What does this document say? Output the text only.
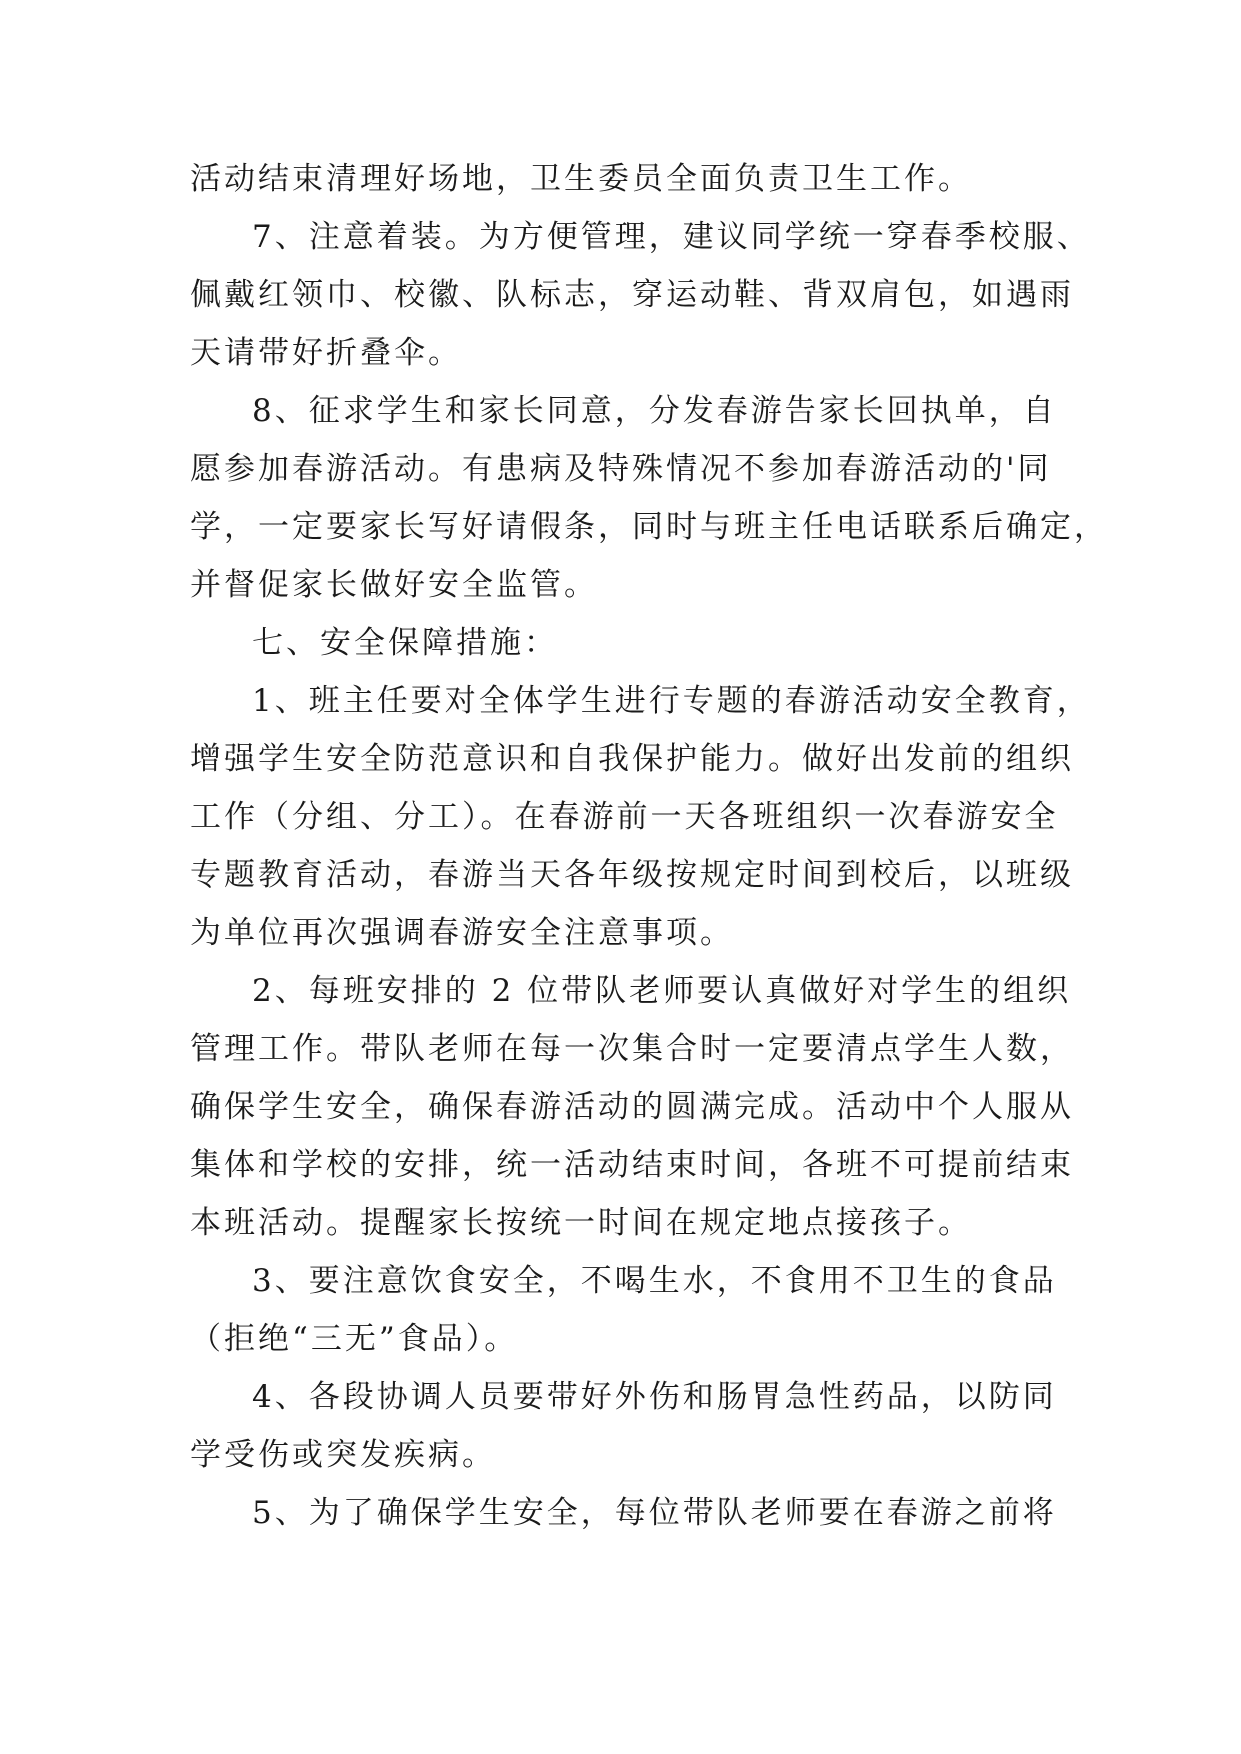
活动结束清理好场地，卫生委员全面负责卫生工作。
7、注意着装。为方便管理，建议同学统一穿春季校服、
佩戴红领巾、校徽、队标志，穿运动鞋、背双肩包，如遇雨
天请带好折叠伞。
8、征求学生和家长同意，分发春游告家长回执单，自
愿参加春游活动。有患病及特殊情况不参加春游活动的'同
学，一定要家长写好请假条，同时与班主任电话联系后确定，
并督促家长做好安全监管。
七、安全保障措施：
1、班主任要对全体学生进行专题的春游活动安全教育，
增强学生安全防范意识和自我保护能力。做好出发前的组织
工作（分组、分工）。在春游前一天各班组织一次春游安全
专题教育活动，春游当天各年级按规定时间到校后，以班级
为单位再次强调春游安全注意事项。
2、每班安排的 2 位带队老师要认真做好对学生的组织
管理工作。带队老师在每一次集合时一定要清点学生人数，
确保学生安全，确保春游活动的圆满完成。活动中个人服从
集体和学校的安排，统一活动结束时间，各班不可提前结束
本班活动。提醒家长按统一时间在规定地点接孩子。
3、要注意饮食安全，不喝生水，不食用不卫生的食品
（拒绝“三无”食品）。
4、各段协调人员要带好外伤和肠胃急性药品，以防同
学受伤或突发疾病。
5、为了确保学生安全，每位带队老师要在春游之前将
